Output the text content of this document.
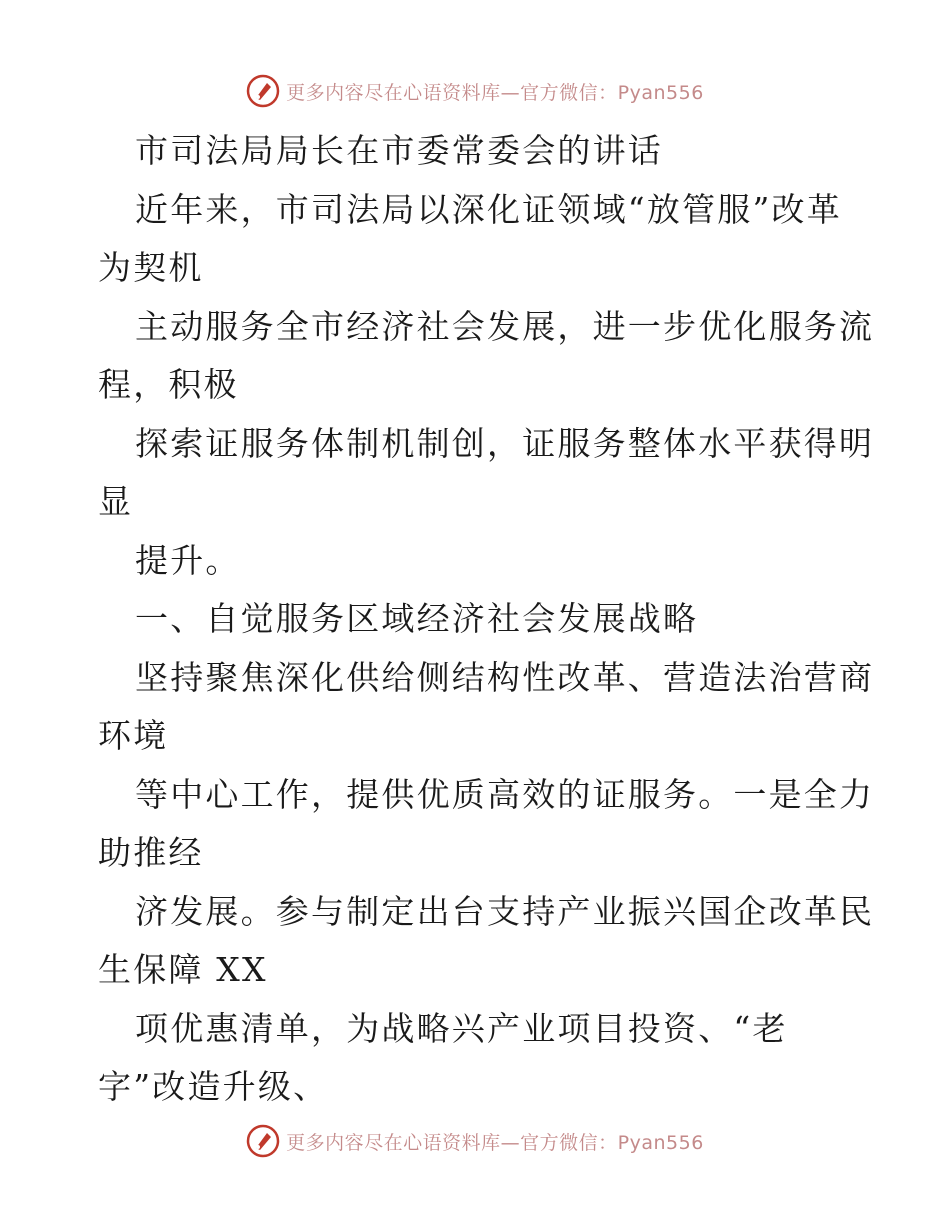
更多内容尽在心语资料库—官方微信：Pyan556
市司法局局长在市委常委会的讲话
近年来，市司法局以深化证领域“放管服”改革
为契机
主动服务全市经济社会发展，进一步优化服务流
程，积极
探索证服务体制机制创，证服务整体水平获得明
显
提升。
一、自觉服务区域经济社会发展战略
坚持聚焦深化供给侧结构性改革、营造法治营商
环境
等中心工作，提供优质高效的证服务。一是全力
助推经
济发展。参与制定出台支持产业振兴国企改革民
生保障 XX
项优惠清单，为战略兴产业项目投资、“老
字”改造升级、
更多内容尽在心语资料库—官方微信：Pyan556
